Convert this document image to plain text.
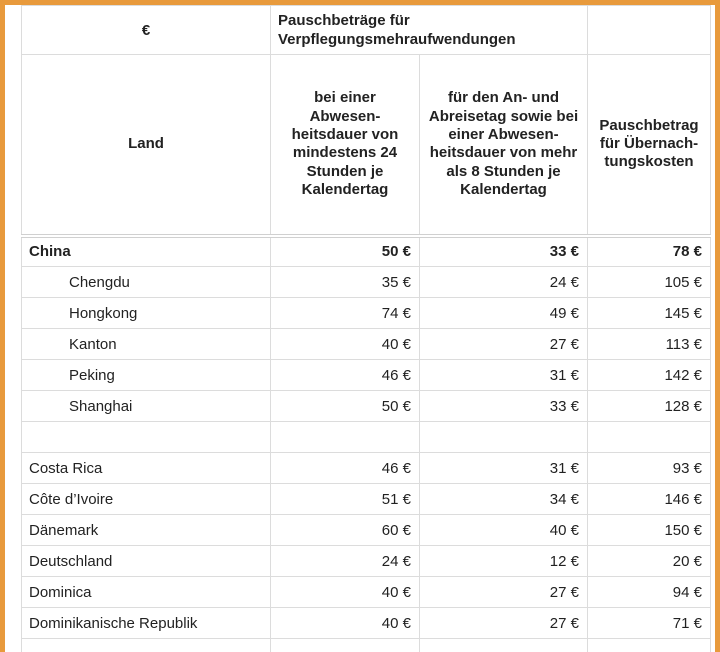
€	Pauschbeträge für Verpflegungsmehraufwendungen		
Land	bei einer Abwesen-heitsdauer von mindestens 24 Stunden je Kalendertag	für den An- und Abreisetag sowie bei einer Abwesen-heitsdauer von mehr als 8 Stunden je Kalendertag	Pauschbetrag für Übernach-tungskosten
China	50 €	33 €	78 €
Chengdu	35 €	24 €	105 €
Hongkong	74 €	49 €	145 €
Kanton	40 €	27 €	113 €
Peking	46 €	31 €	142 €
Shanghai	50 €	33 €	128 €

Costa Rica	46 €	31 €	93 €
Côte d’Ivoire	51 €	34 €	146 €
Dänemark	60 €	40 €	150 €
Deutschland	24 €	12 €	20 €
Dominica	40 €	27 €	94 €
Dominikanische Republik	40 €	27 €	71 €
